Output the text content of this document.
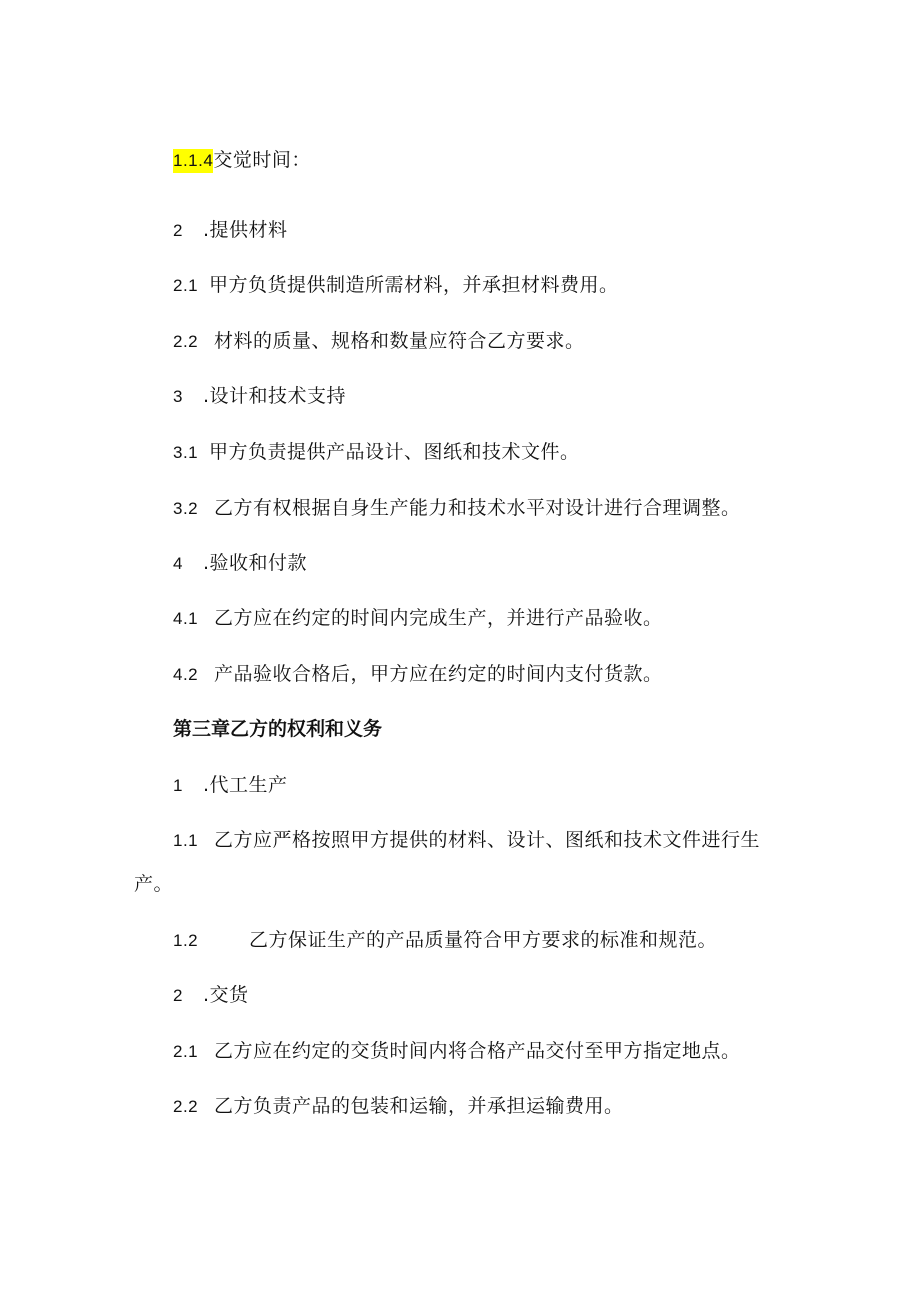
1.1.4交觉时间：
2 .提供材料
2.1 甲方负货提供制造所需材料，并承担材料费用。
2.2 材料的质量、规格和数量应符合乙方要求。
3 .设计和技术支持
3.1 甲方负责提供产品设计、图纸和技术文件。
3.2 乙方有权根据自身生产能力和技术水平对设计进行合理调整。
4 .验收和付款
4.1 乙方应在约定的时间内完成生产，并进行产品验收。
4.2 产品验收合格后，甲方应在约定的时间内支付货款。
第三章乙方的权利和义务
1 .代工生产
1.1 乙方应严格按照甲方提供的材料、设计、图纸和技术文件进行生
产。
1.2	乙方保证生产的产品质量符合甲方要求的标准和规范。
2 .交货
2.1 乙方应在约定的交货时间内将合格产品交付至甲方指定地点。
2.2 乙方负责产品的包装和运输，并承担运输费用。
